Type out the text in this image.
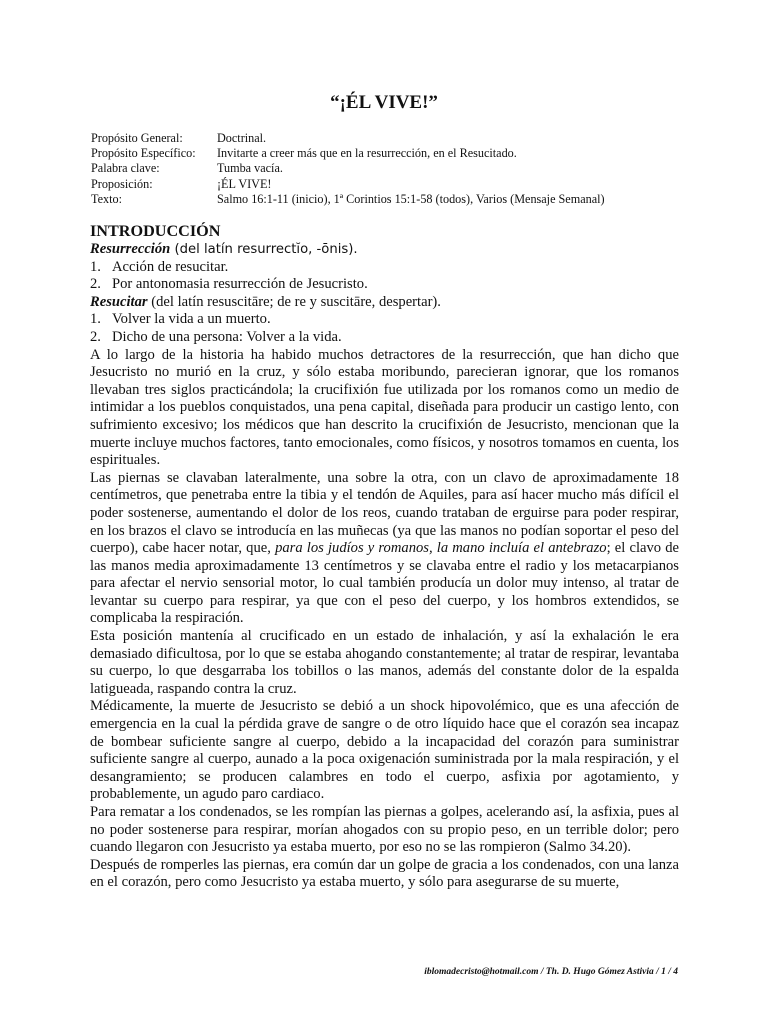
“¡ÉL VIVE!”
Propósito General:	Doctrinal.
Propósito Específico:	Invitarte a creer más que en la resurrección, en el Resucitado.
Palabra clave:	Tumba vacía.
Proposición:	¡ÉL VIVE!
Texto:	Salmo 16:1-11 (inicio), 1ª Corintios 15:1-58 (todos), Varios (Mensaje Semanal)
INTRODUCCIÓN

Resurrección (del latín resurrectĭo, -ōnis).

1. Acción de resucitar.

2. Por antonomasia resurrección de Jesucristo.

Resucitar (del latín resuscitāre; de re y suscitāre, despertar).

1. Volver la vida a un muerto.

2. Dicho de una persona: Volver a la vida.

A lo largo de la historia ha habido muchos detractores de la resurrección, que han dicho que Jesucristo no murió en la cruz, y sólo estaba moribundo, parecieran ignorar, que los romanos llevaban tres siglos practicándola; la crucifixión fue utilizada por los romanos como un medio de intimidar a los pueblos conquistados, una pena capital, diseñada para producir un castigo lento, con sufrimiento excesivo; los médicos que han descrito la crucifixión de Jesucristo, mencionan que la muerte incluye muchos factores, tanto emocionales, como físicos, y nosotros tomamos en cuenta, los espirituales.

Las piernas se clavaban lateralmente, una sobre la otra, con un clavo de aproximadamente 18 centímetros, que penetraba entre la tibia y el tendón de Aquiles, para así hacer mucho más difícil el poder sostenerse, aumentando el dolor de los reos, cuando trataban de erguirse para poder respirar, en los brazos el clavo se introducía en las muñecas (ya que las manos no podían soportar el peso del cuerpo), cabe hacer notar, que, para los judíos y romanos, la mano incluía el antebrazo; el clavo de las manos media aproximadamente 13 centímetros y se clavaba entre el radio y los metacarpianos para afectar el nervio sensorial motor, lo cual también producía un dolor muy intenso, al tratar de levantar su cuerpo para respirar, ya que con el peso del cuerpo, y los hombros extendidos, se complicaba la respiración.

Esta posición mantenía al crucificado en un estado de inhalación, y así la exhalación le era demasiado dificultosa, por lo que se estaba ahogando constantemente; al tratar de respirar, levantaba su cuerpo, lo que desgarraba los tobillos o las manos, además del constante dolor de la espalda latigueada, raspando contra la cruz.

Médicamente, la muerte de Jesucristo se debió a un shock hipovolémico, que es una afección de emergencia en la cual la pérdida grave de sangre o de otro líquido hace que el corazón sea incapaz de bombear suficiente sangre al cuerpo, debido a la incapacidad del corazón para suministrar suficiente sangre al cuerpo, aunado a la poca oxigenación suministrada por la mala respiración, y el desangramiento; se producen calambres en todo el cuerpo, asfixia por agotamiento, y probablemente, un agudo paro cardiaco.

Para rematar a los condenados, se les rompían las piernas a golpes, acelerando así, la asfixia, pues al no poder sostenerse para respirar, morían ahogados con su propio peso, en un terrible dolor; pero cuando llegaron con Jesucristo ya estaba muerto, por eso no se las rompieron (Salmo 34.20).

Después de romperles las piernas, era común dar un golpe de gracia a los condenados, con una lanza en el corazón, pero como Jesucristo ya estaba muerto, y sólo para asegurarse de su muerte,

iblomadecristo@hotmail.com / Th. D. Hugo Gómez Astivia / 1 / 4
